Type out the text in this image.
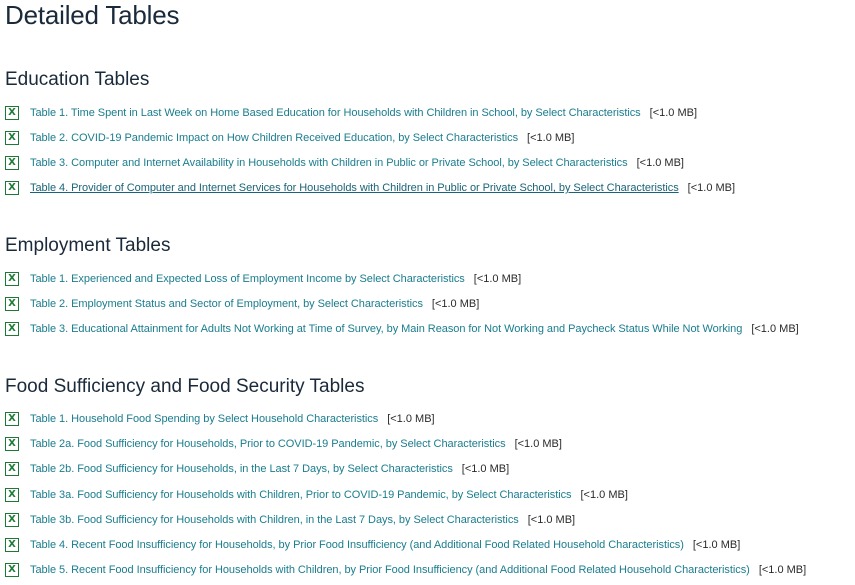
Detailed Tables
Education Tables
X Table 1. Time Spent in Last Week on Home Based Education for Households with Children in School, by Select Characteristics [<1.0 MB]
X Table 2. COVID-19 Pandemic Impact on How Children Received Education, by Select Characteristics [<1.0 MB]
X Table 3. Computer and Internet Availability in Households with Children in Public or Private School, by Select Characteristics [<1.0 MB]
X Table 4. Provider of Computer and Internet Services for Households with Children in Public or Private School, by Select Characteristics [<1.0 MB]
Employment Tables
X Table 1. Experienced and Expected Loss of Employment Income by Select Characteristics [<1.0 MB]
X Table 2. Employment Status and Sector of Employment, by Select Characteristics [<1.0 MB]
X Table 3. Educational Attainment for Adults Not Working at Time of Survey, by Main Reason for Not Working and Paycheck Status While Not Working [<1.0 MB]
Food Sufficiency and Food Security Tables
X Table 1. Household Food Spending by Select Household Characteristics [<1.0 MB]
X Table 2a. Food Sufficiency for Households, Prior to COVID-19 Pandemic, by Select Characteristics [<1.0 MB]
X Table 2b. Food Sufficiency for Households, in the Last 7 Days, by Select Characteristics [<1.0 MB]
X Table 3a. Food Sufficiency for Households with Children, Prior to COVID-19 Pandemic, by Select Characteristics [<1.0 MB]
X Table 3b. Food Sufficiency for Households with Children, in the Last 7 Days, by Select Characteristics [<1.0 MB]
X Table 4. Recent Food Insufficiency for Households, by Prior Food Insufficiency (and Additional Food Related Household Characteristics) [<1.0 MB]
X Table 5. Recent Food Insufficiency for Households with Children, by Prior Food Insufficiency (and Additional Food Related Household Characteristics) [<1.0 MB]
